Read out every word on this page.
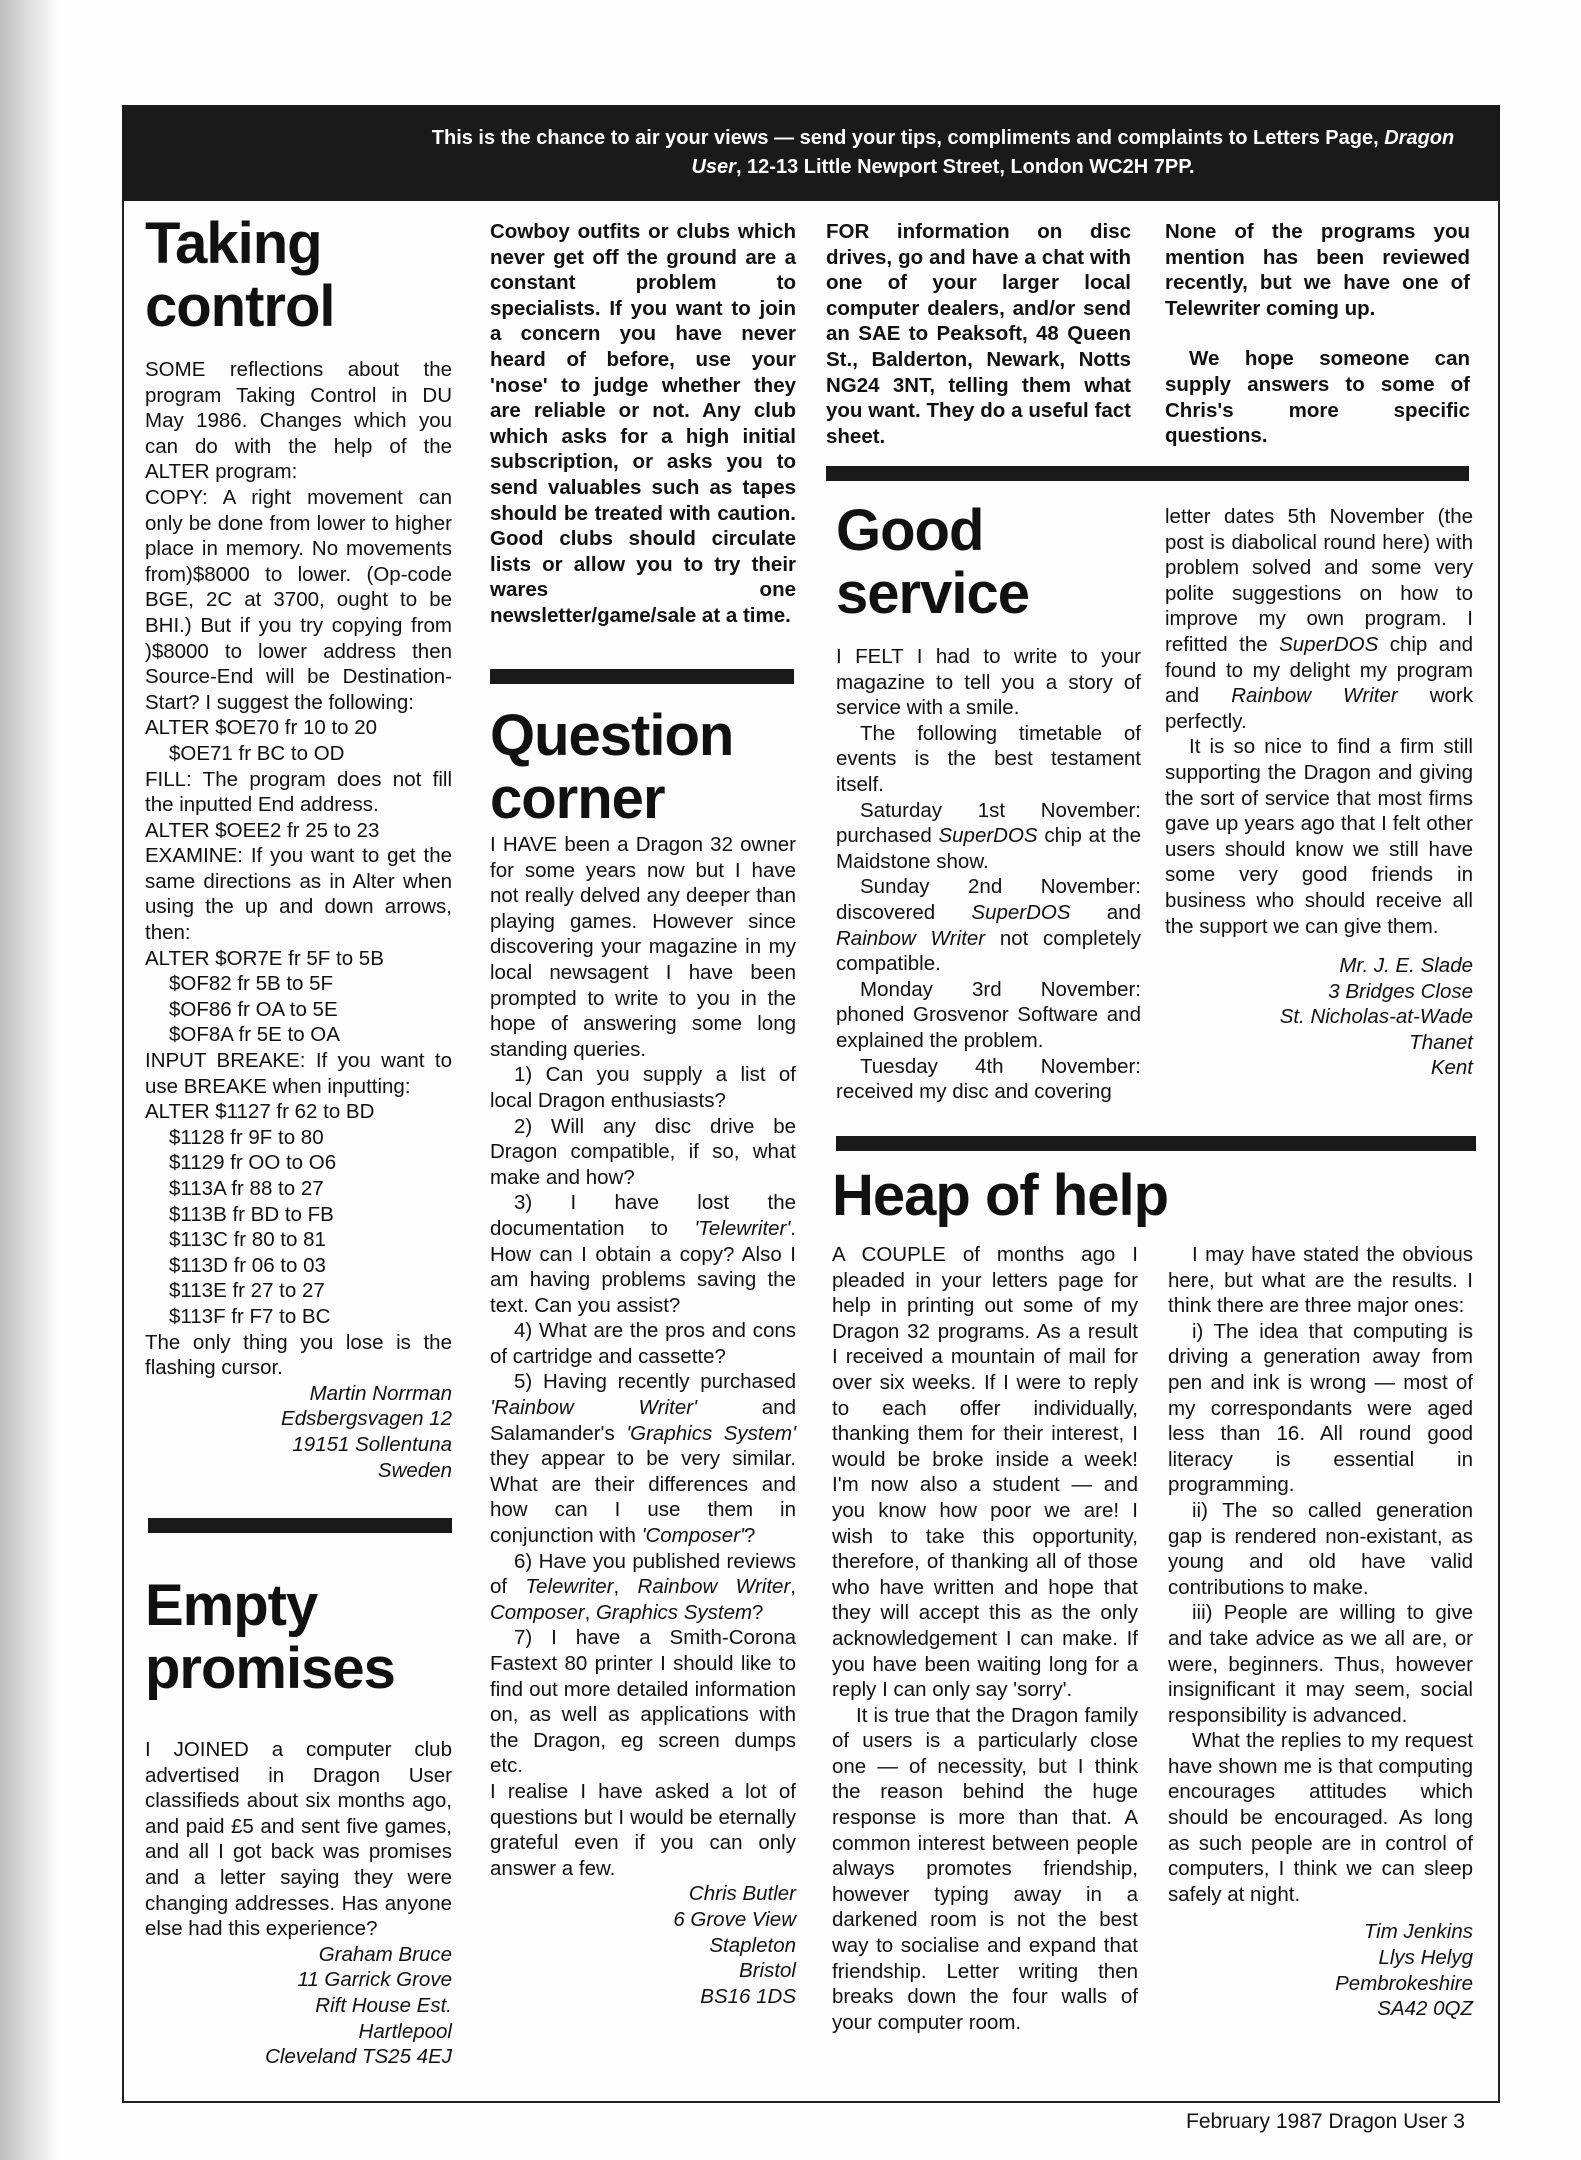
This is the chance to air your views — send your tips, compliments and complaints to Letters Page, Dragon User, 12-13 Little Newport Street, London WC2H 7PP.
Taking
control

SOME reflections about the program Taking Control in DU May 1986. Changes which you can do with the help of the ALTER program:

COPY: A right movement can only be done from lower to higher place in memory. No movements from)$8000 to lower. (Op-code BGE, 2C at 3700, ought to be BHI.) But if you try copying from )$8000 to lower address then Source-End will be Destination-Start? I suggest the following:

ALTER $OE70 fr 10 to 20

$OE71 fr BC to OD

FILL: The program does not fill the inputted End address.

ALTER $OEE2 fr 25 to 23

EXAMINE: If you want to get the same directions as in Alter when using the up and down arrows, then:

ALTER $OR7E fr 5F to 5B

$OF82 fr 5B to 5F

$OF86 fr OA to 5E

$OF8A fr 5E to OA

INPUT BREAKE: If you want to use BREAKE when inputting:

ALTER $1127 fr 62 to BD

$1128 fr 9F to 80

$1129 fr OO to O6

$113A fr 88 to 27

$113B fr BD to FB

$113C fr 80 to 81

$113D fr 06 to 03

$113E fr 27 to 27

$113F fr F7 to BC

The only thing you lose is the flashing cursor.

Martin Norrman

Edsbergsvagen 12

19151 Sollentuna

Sweden

Empty
promises

I JOINED a computer club advertised in Dragon User classifieds about six months ago, and paid £5 and sent five games, and all I got back was promises and a letter saying they were changing addresses. Has anyone else had this experience?

Graham Bruce

11 Garrick Grove

Rift House Est.

Hartlepool

Cleveland TS25 4EJ

Cowboy outfits or clubs which never get off the ground are a constant problem to specialists. If you want to join a concern you have never heard of before, use your 'nose' to judge whether they are reliable or not. Any club which asks for a high initial subscription, or asks you to send valuables such as tapes should be treated with caution. Good clubs should circulate lists or allow you to try their wares one newsletter/game/sale at a time.

Question
corner

I HAVE been a Dragon 32 owner for some years now but I have not really delved any deeper than playing games. However since discovering your magazine in my local newsagent I have been prompted to write to you in the hope of answering some long standing queries.

1) Can you supply a list of local Dragon enthusiasts?

2) Will any disc drive be Dragon compatible, if so, what make and how?

3) I have lost the documentation to 'Telewriter'. How can I obtain a copy? Also I am having problems saving the text. Can you assist?

4) What are the pros and cons of cartridge and cassette?

5) Having recently purchased 'Rainbow Writer' and Salamander's 'Graphics System' they appear to be very similar. What are their differences and how can I use them in conjunction with 'Composer'?

6) Have you published reviews of Telewriter, Rainbow Writer, Composer, Graphics System?

7) I have a Smith-Corona Fastext 80 printer I should like to find out more detailed information on, as well as applications with the Dragon, eg screen dumps etc.

I realise I have asked a lot of questions but I would be eternally grateful even if you can only answer a few.

Chris Butler

6 Grove View

Stapleton

Bristol

BS16 1DS

FOR information on disc drives, go and have a chat with one of your larger local computer dealers, and/or send an SAE to Peaksoft, 48 Queen St., Balderton, Newark, Notts NG24 3NT, telling them what you want. They do a useful fact sheet.

None of the programs you mention has been reviewed recently, but we have one of Telewriter coming up.

We hope someone can supply answers to some of Chris's more specific questions.

Good
service

I FELT I had to write to your magazine to tell you a story of service with a smile.

The following timetable of events is the best testament itself.

Saturday 1st November: purchased SuperDOS chip at the Maidstone show.

Sunday 2nd November: discovered SuperDOS and Rainbow Writer not completely compatible.

Monday 3rd November: phoned Grosvenor Software and explained the problem.

Tuesday 4th November: received my disc and covering

letter dates 5th November (the post is diabolical round here) with problem solved and some very polite suggestions on how to improve my own program. I refitted the SuperDOS chip and found to my delight my program and Rainbow Writer work perfectly.

It is so nice to find a firm still supporting the Dragon and giving the sort of service that most firms gave up years ago that I felt other users should know we still have some very good friends in business who should receive all the support we can give them.

Mr. J. E. Slade

3 Bridges Close

St. Nicholas-at-Wade

Thanet

Kent

Heap of help

A COUPLE of months ago I pleaded in your letters page for help in printing out some of my Dragon 32 programs. As a result I received a mountain of mail for over six weeks. If I were to reply to each offer individually, thanking them for their interest, I would be broke inside a week! I'm now also a student — and you know how poor we are! I wish to take this opportunity, therefore, of thanking all of those who have written and hope that they will accept this as the only acknowledgement I can make. If you have been waiting long for a reply I can only say 'sorry'.

It is true that the Dragon family of users is a particularly close one — of necessity, but I think the reason behind the huge response is more than that. A common interest between people always promotes friendship, however typing away in a darkened room is not the best way to socialise and expand that friendship. Letter writing then breaks down the four walls of your computer room.

I may have stated the obvious here, but what are the results. I think there are three major ones:

i) The idea that computing is driving a generation away from pen and ink is wrong — most of my correspondants were aged less than 16. All round good literacy is essential in programming.

ii) The so called generation gap is rendered non-existant, as young and old have valid contributions to make.

iii) People are willing to give and take advice as we all are, or were, beginners. Thus, however insignificant it may seem, social responsibility is advanced.

What the replies to my request have shown me is that computing encourages attitudes which should be encouraged. As long as such people are in control of computers, I think we can sleep safely at night.

Tim Jenkins

Llys Helyg

Pembrokeshire

SA42 0QZ

February 1987 Dragon User 3
